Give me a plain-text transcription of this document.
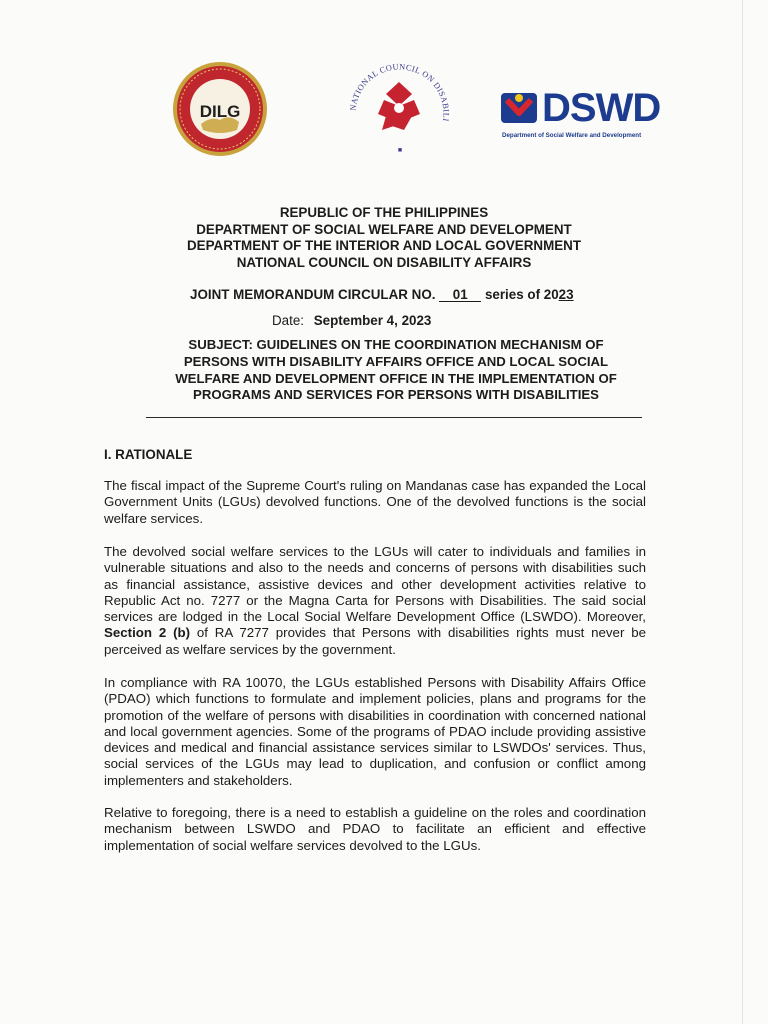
DILG	NATIONAL COUNCIL ON DISABILI
■
DSWD
Department of Social Welfare and Development
REPUBLIC OF THE PHILIPPINES
DEPARTMENT OF SOCIAL WELFARE AND DEVELOPMENT
DEPARTMENT OF THE INTERIOR AND LOCAL GOVERNMENT
NATIONAL COUNCIL ON DISABILITY AFFAIRS
JOINT MEMORANDUM CIRCULAR NO. 01 series of 2023
Date: September 4, 2023
SUBJECT: GUIDELINES ON THE COORDINATION MECHANISM OF
PERSONS WITH DISABILITY AFFAIRS OFFICE AND LOCAL SOCIAL
WELFARE AND DEVELOPMENT OFFICE IN THE IMPLEMENTATION OF
PROGRAMS AND SERVICES FOR PERSONS WITH DISABILITIES
I. RATIONALE
The fiscal impact of the Supreme Court's ruling on Mandanas case has expanded the Local Government Units (LGUs) devolved functions. One of the devolved functions is the social welfare services.
The devolved social welfare services to the LGUs will cater to individuals and families in vulnerable situations and also to the needs and concerns of persons with disabilities such as financial assistance, assistive devices and other development activities relative to Republic Act no. 7277 or the Magna Carta for Persons with Disabilities. The said social services are lodged in the Local Social Welfare Development Office (LSWDO). Moreover, Section 2 (b) of RA 7277 provides that Persons with disabilities rights must never be perceived as welfare services by the government.
In compliance with RA 10070, the LGUs established Persons with Disability Affairs Office (PDAO) which functions to formulate and implement policies, plans and programs for the promotion of the welfare of persons with disabilities in coordination with concerned national and local government agencies. Some of the programs of PDAO include providing assistive devices and medical and financial assistance services similar to LSWDOs' services. Thus, social services of the LGUs may lead to duplication, and confusion or conflict among implementers and stakeholders.
Relative to foregoing, there is a need to establish a guideline on the roles and coordination mechanism between LSWDO and PDAO to facilitate an efficient and effective implementation of social welfare services devolved to the LGUs.
